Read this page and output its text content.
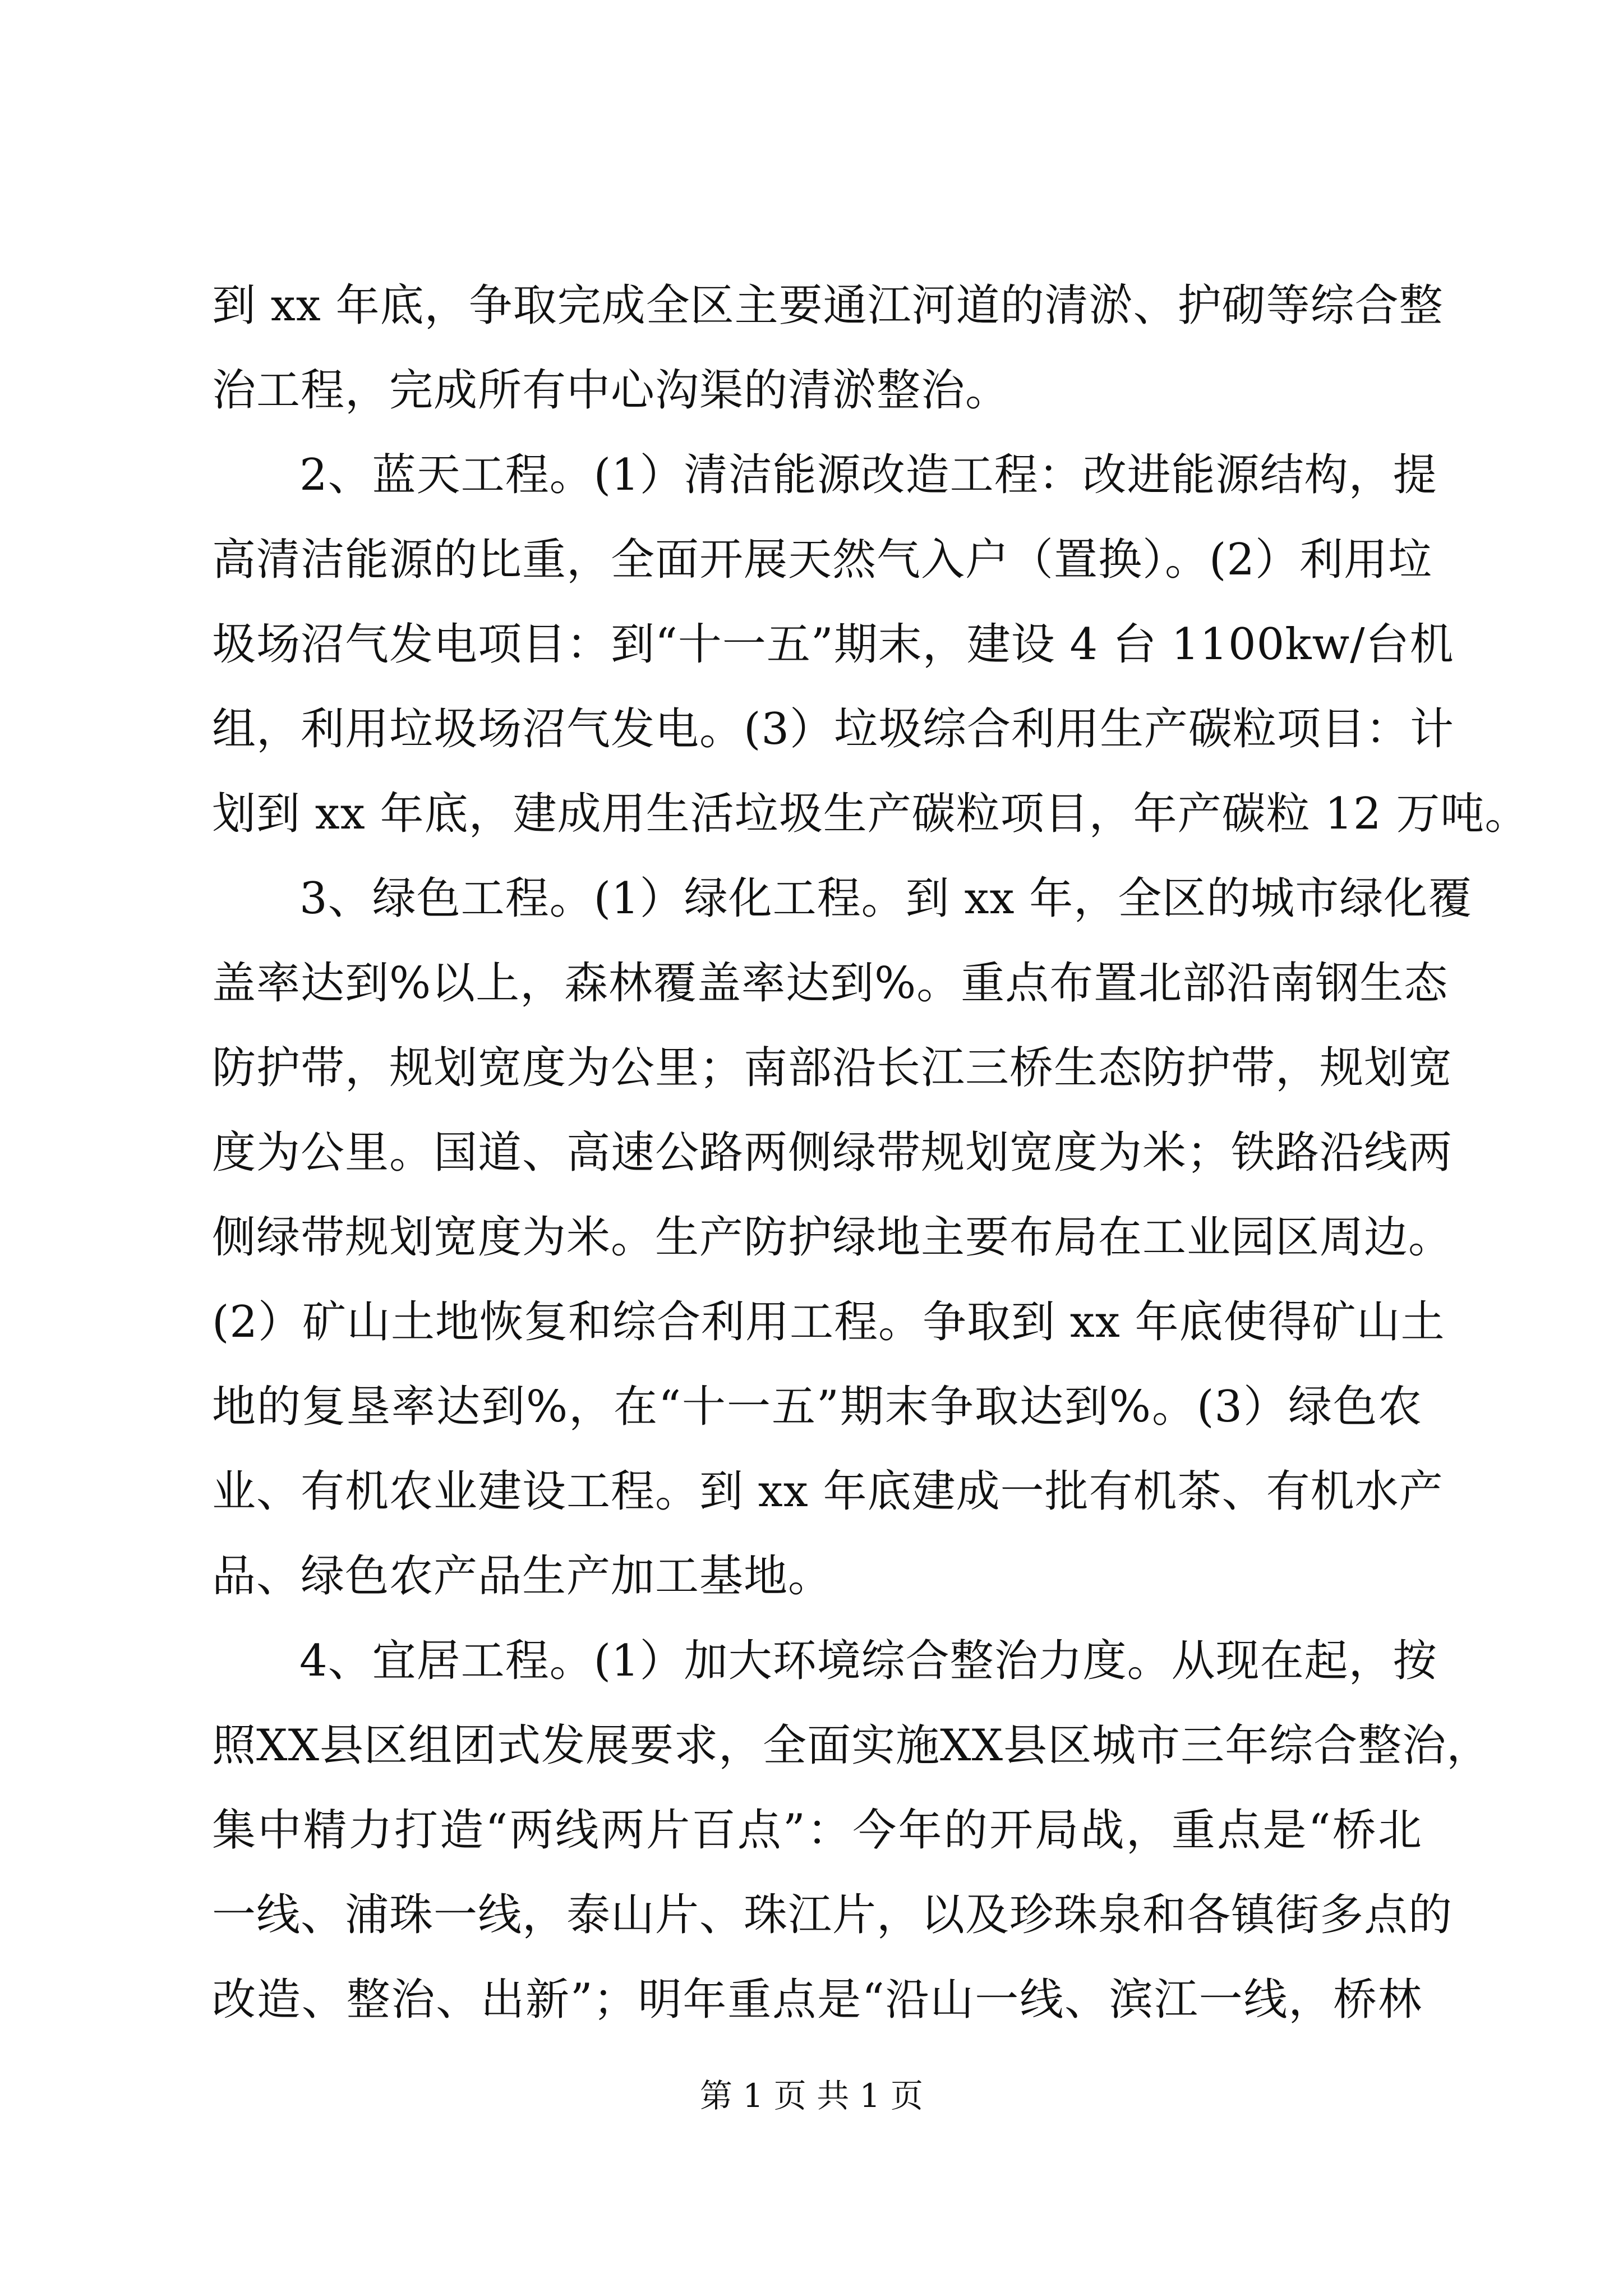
到 xx 年底，争取完成全区主要通江河道的清淤、护砌等综合整
治工程，完成所有中心沟渠的清淤整治。
2、蓝天工程。(1）清洁能源改造工程：改进能源结构，提
高清洁能源的比重，全面开展天然气入户（置换）。(2）利用垃
圾场沼气发电项目：到“十一五”期末，建设 4 台 1100kw/台机
组，利用垃圾场沼气发电。(3）垃圾综合利用生产碳粒项目：计
划到 xx 年底，建成用生活垃圾生产碳粒项目，年产碳粒 12 万吨。
3、绿色工程。(1）绿化工程。到 xx 年，全区的城市绿化覆
盖率达到%以上，森林覆盖率达到%。重点布置北部沿南钢生态
防护带，规划宽度为公里；南部沿长江三桥生态防护带，规划宽
度为公里。国道、高速公路两侧绿带规划宽度为米；铁路沿线两
侧绿带规划宽度为米。生产防护绿地主要布局在工业园区周边。
(2）矿山土地恢复和综合利用工程。争取到 xx 年底使得矿山土
地的复垦率达到%，在“十一五”期末争取达到%。(3）绿色农
业、有机农业建设工程。到 xx 年底建成一批有机茶、有机水产
品、绿色农产品生产加工基地。
4、宜居工程。(1）加大环境综合整治力度。从现在起，按
照XX县区组团式发展要求，全面实施XX县区城市三年综合整治，
集中精力打造“两线两片百点”：今年的开局战，重点是“桥北
一线、浦珠一线，泰山片、珠江片，以及珍珠泉和各镇街多点的
改造、整治、出新”；明年重点是“沿山一线、滨江一线，桥林
第 1 页 共 1 页
